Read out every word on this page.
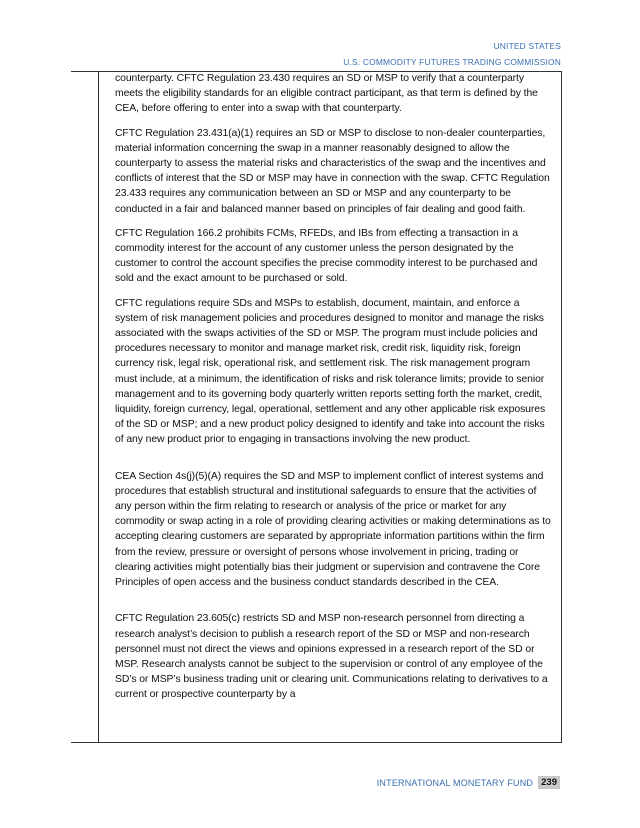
UNITED STATES
U.S. COMMODITY FUTURES TRADING COMMISSION

counterparty. CFTC Regulation 23.430 requires an SD or MSP to verify that a counterparty meets the eligibility standards for an eligible contract participant, as that term is defined by the CEA, before offering to enter into a swap with that counterparty.

CFTC Regulation 23.431(a)(1) requires an SD or MSP to disclose to non-dealer counterparties, material information concerning the swap in a manner reasonably designed to allow the counterparty to assess the material risks and characteristics of the swap and the incentives and conflicts of interest that the SD or MSP may have in connection with the swap. CFTC Regulation 23.433 requires any communication between an SD or MSP and any counterparty to be conducted in a fair and balanced manner based on principles of fair dealing and good faith.

CFTC Regulation 166.2 prohibits FCMs, RFEDs, and IBs from effecting a transaction in a commodity interest for the account of any customer unless the person designated by the customer to control the account specifies the precise commodity interest to be purchased and sold and the exact amount to be purchased or sold.

CFTC regulations require SDs and MSPs to establish, document, maintain, and enforce a system of risk management policies and procedures designed to monitor and manage the risks associated with the swaps activities of the SD or MSP. The program must include policies and procedures necessary to monitor and manage market risk, credit risk, liquidity risk, foreign currency risk, legal risk, operational risk, and settlement risk. The risk management program must include, at a minimum, the identification of risks and risk tolerance limits; provide to senior management and to its governing body quarterly written reports setting forth the market, credit, liquidity, foreign currency, legal, operational, settlement and any other applicable risk exposures of the SD or MSP; and a new product policy designed to identify and take into account the risks of any new product prior to engaging in transactions involving the new product.

CEA Section 4s(j)(5)(A) requires the SD and MSP to implement conflict of interest systems and procedures that establish structural and institutional safeguards to ensure that the activities of any person within the firm relating to research or analysis of the price or market for any commodity or swap acting in a role of providing clearing activities or making determinations as to accepting clearing customers are separated by appropriate information partitions within the firm from the review, pressure or oversight of persons whose involvement in pricing, trading or clearing activities might potentially bias their judgment or supervision and contravene the Core Principles of open access and the business conduct standards described in the CEA.

CFTC Regulation 23.605(c) restricts SD and MSP non-research personnel from directing a research analyst’s decision to publish a research report of the SD or MSP and non-research personnel must not direct the views and opinions expressed in a research report of the SD or MSP. Research analysts cannot be subject to the supervision or control of any employee of the SD’s or MSP’s business trading unit or clearing unit. Communications relating to derivatives to a current or prospective counterparty by a

INTERNATIONAL MONETARY FUND 239
